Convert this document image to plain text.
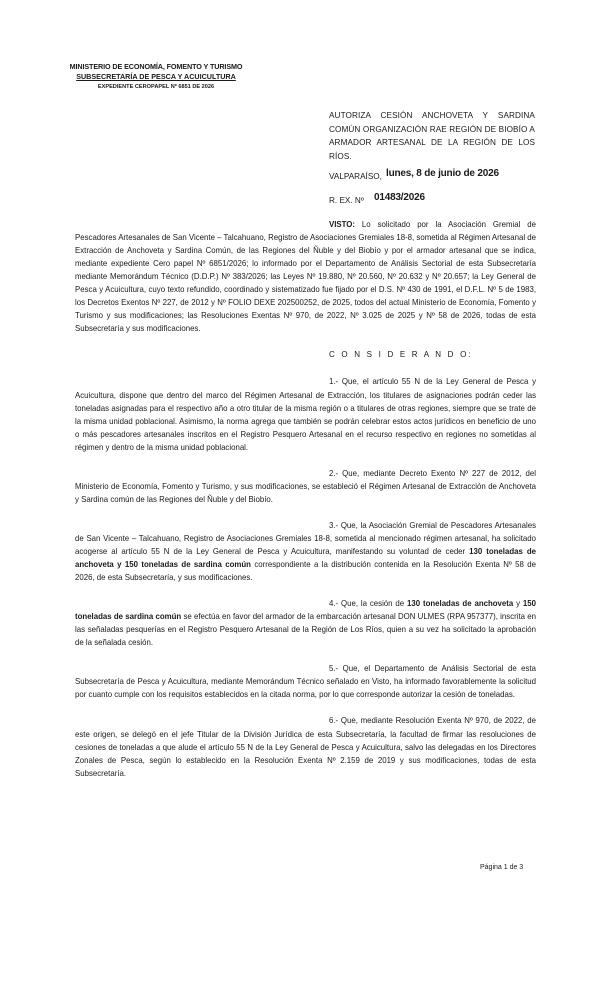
MINISTERIO DE ECONOMÍA, FOMENTO Y TURISMO
SUBSECRETARÍA DE PESCA Y ACUICULTURA
EXPEDIENTE CEROPAPEL Nº 6851 DE 2026
AUTORIZA CESIÓN ANCHOVETA Y SARDINA COMÚN ORGANIZACIÓN RAE REGIÓN DE BIOBÍO A ARMADOR ARTESANAL DE LA REGIÓN DE LOS RÍOS.
VALPARAÍSO, lunes, 8 de junio de 2026
R. EX. Nº 01483/2026

VISTO: Lo solicitado por la Asociación Gremial de Pescadores Artesanales de San Vicente – Talcahuano, Registro de Asociaciones Gremiales 18-8, sometida al Régimen Artesanal de Extracción de Anchoveta y Sardina Común, de las Regiones del Ñuble y del Biobío y por el armador artesanal que se indica, mediante expediente Cero papel Nº 6851/2026; lo informado por el Departamento de Análisis Sectorial de esta Subsecretaría mediante Memorándum Técnico (D.D.P.) Nº 383/2026; las Leyes Nº 19.880, Nº 20.560, Nº 20.632 y Nº 20.657; la Ley General de Pesca y Acuicultura, cuyo texto refundido, coordinado y sistematizado fue fijado por el D.S. Nº 430 de 1991, el D.F.L. Nº 5 de 1983, los Decretos Exentos Nº 227, de 2012 y Nº FOLIO DEXE 202500252, de 2025, todos del actual Ministerio de Economía, Fomento y Turismo y sus modificaciones; las Resoluciones Exentas Nº 970, de 2022, Nº 3.025 de 2025 y Nº 58 de 2026, todas de esta Subsecretaría y sus modificaciones.

C O N S I D E R A N D O:

1.- Que, el artículo 55 N de la Ley General de Pesca y Acuicultura, dispone que dentro del marco del Régimen Artesanal de Extracción, los titulares de asignaciones podrán ceder las toneladas asignadas para el respectivo año a otro titular de la misma región o a titulares de otras regiones, siempre que se trate de la misma unidad poblacional. Asimismo, la norma agrega que también se podrán celebrar estos actos jurídicos en beneficio de uno o más pescadores artesanales inscritos en el Registro Pesquero Artesanal en el recurso respectivo en regiones no sometidas al régimen y dentro de la misma unidad poblacional.

2.- Que, mediante Decreto Exento Nº 227 de 2012, del Ministerio de Economía, Fomento y Turismo, y sus modificaciones, se estableció el Régimen Artesanal de Extracción de Anchoveta y Sardina común de las Regiones del Ñuble y del Biobío.

3.- Que, la Asociación Gremial de Pescadores Artesanales de San Vicente – Talcahuano, Registro de Asociaciones Gremiales 18-8, sometida al mencionado régimen artesanal, ha solicitado acogerse al artículo 55 N de la Ley General de Pesca y Acuicultura, manifestando su voluntad de ceder 130 toneladas de anchoveta y 150 toneladas de sardina común correspondiente a la distribución contenida en la Resolución Exenta Nº 58 de 2026, de esta Subsecretaría, y sus modificaciones.

4.- Que, la cesión de 130 toneladas de anchoveta y 150 toneladas de sardina común se efectúa en favor del armador de la embarcación artesanal DON ULMES (RPA 957377), inscrita en las señaladas pesquerías en el Registro Pesquero Artesanal de la Región de Los Ríos, quien a su vez ha solicitado la aprobación de la señalada cesión.

5.- Que, el Departamento de Análisis Sectorial de esta Subsecretaría de Pesca y Acuicultura, mediante Memorándum Técnico señalado en Visto, ha informado favorablemente la solicitud por cuanto cumple con los requisitos establecidos en la citada norma, por lo que corresponde autorizar la cesión de toneladas.

6.- Que, mediante Resolución Exenta Nº 970, de 2022, de este origen, se delegó en el jefe Titular de la División Jurídica de esta Subsecretaría, la facultad de firmar las resoluciones de cesiones de toneladas a que alude el artículo 55 N de la Ley General de Pesca y Acuicultura, salvo las delegadas en los Directores Zonales de Pesca, según lo establecido en la Resolución Exenta Nº 2.159 de 2019 y sus modificaciones, todas de esta Subsecretaría.

Página 1 de 3
